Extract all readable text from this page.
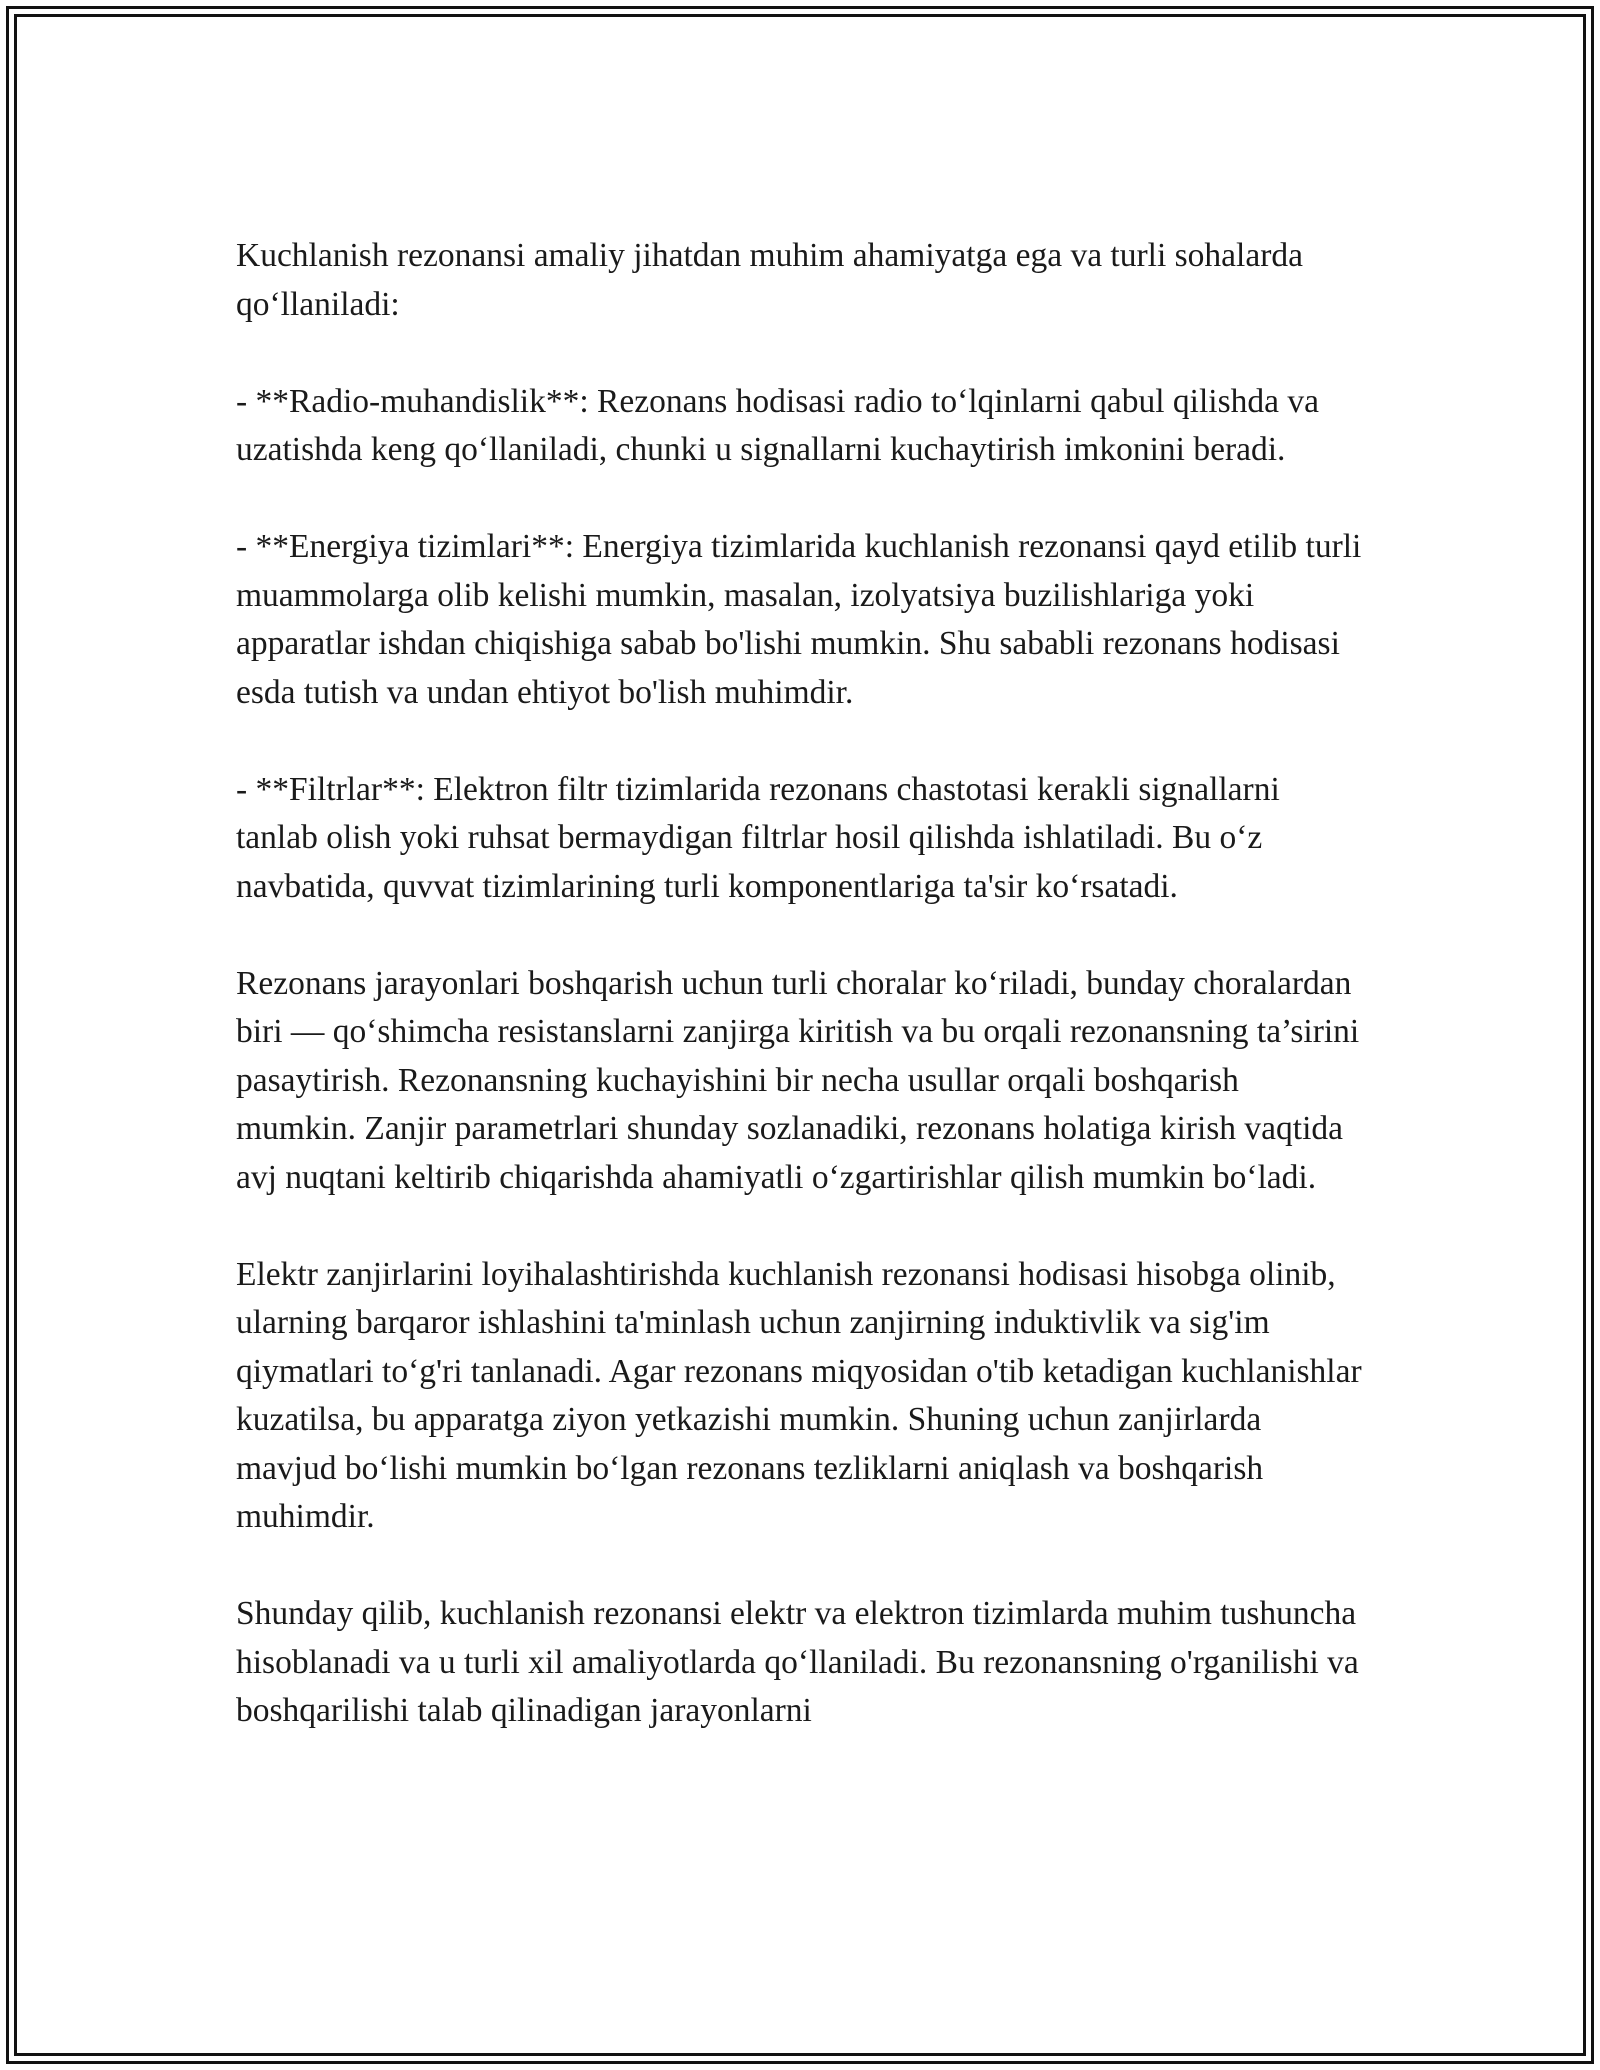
Kuchlanish rezonansi amaliy jihatdan muhim ahamiyatga ega va turli sohalarda qo‘llaniladi:

- **Radio-muhandislik**: Rezonans hodisasi radio to‘lqinlarni qabul qilishda va uzatishda keng qo‘llaniladi, chunki u signallarni kuchaytirish imkonini beradi.

- **Energiya tizimlari**: Energiya tizimlarida kuchlanish rezonansi qayd etilib turli muammolarga olib kelishi mumkin, masalan, izolyatsiya buzilishlariga yoki apparatlar ishdan chiqishiga sabab bo'lishi mumkin. Shu sababli rezonans hodisasi esda tutish va undan ehtiyot bo'lish muhimdir.

- **Filtrlar**: Elektron filtr tizimlarida rezonans chastotasi kerakli signallarni tanlab olish yoki ruhsat bermaydigan filtrlar hosil qilishda ishlatiladi. Bu o‘z navbatida, quvvat tizimlarining turli komponentlariga ta'sir ko‘rsatadi.

Rezonans jarayonlari boshqarish uchun turli choralar ko‘riladi, bunday choralardan biri — qo‘shimcha resistanslarni zanjirga kiritish va bu orqali rezonansning ta’sirini pasaytirish. Rezonansning kuchayishini bir necha usullar orqali boshqarish mumkin. Zanjir parametrlari shunday sozlanadiki, rezonans holatiga kirish vaqtida avj nuqtani keltirib chiqarishda ahamiyatli o‘zgartirishlar qilish mumkin bo‘ladi.

Elektr zanjirlarini loyihalashtirishda kuchlanish rezonansi hodisasi hisobga olinib, ularning barqaror ishlashini ta'minlash uchun zanjirning induktivlik va sig'im qiymatlari to‘g'ri tanlanadi. Agar rezonans miqyosidan o'tib ketadigan kuchlanishlar kuzatilsa, bu apparatga ziyon yetkazishi mumkin. Shuning uchun zanjirlarda mavjud bo‘lishi mumkin bo‘lgan rezonans tezliklarni aniqlash va boshqarish muhimdir.

Shunday qilib, kuchlanish rezonansi elektr va elektron tizimlarda muhim tushuncha hisoblanadi va u turli xil amaliyotlarda qo‘llaniladi. Bu rezonansning o'rganilishi va boshqarilishi talab qilinadigan jarayonlarni
